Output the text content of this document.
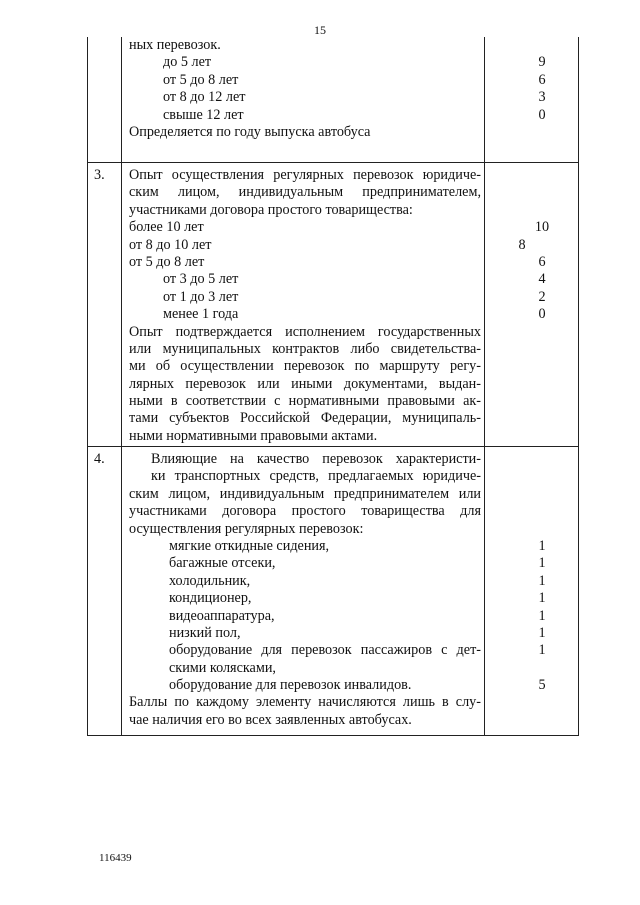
15
ных перевозок.
до 5 лет
от 5 до 8 лет
от 8 до 12 лет
свыше 12 лет
Определяется по году выпуска автобуса
9
6
3
0
3. Опыт осуществления регулярных перевозок юридиче-
ским лицом, индивидуальным предпринимателем,
участниками договора простого товарищества:
более 10 лет
от 8 до 10 лет
от 5 до 8 лет
от 3 до 5 лет
от 1 до 3 лет
менее 1 года
Опыт подтверждается исполнением государственных
или муниципальных контрактов либо свидетельства-
ми об осуществлении перевозок по маршруту регу-
лярных перевозок или иными документами, выдан-
ными в соответствии с нормативными правовыми ак-
тами субъектов Российской Федерации, муниципаль-
ными нормативными правовыми актами.
10
8
6
4
2
0
4.	Влияющие на качество перевозок характеристи-
ки транспортных средств, предлагаемых юридиче-
ским лицом, индивидуальным предпринимателем или
участниками договора простого товарищества для
осуществления регулярных перевозок:
мягкие откидные сидения,
багажные отсеки,
холодильник,
кондиционер,
видеоаппаратура,
низкий пол,
оборудование для перевозок пассажиров с дет-
скими колясками,
оборудование для перевозок инвалидов.
Баллы по каждому элементу начисляются лишь в слу-
чае наличия его во всех заявленных автобусах.
1
1
1
1
1
1
1
5
116439
